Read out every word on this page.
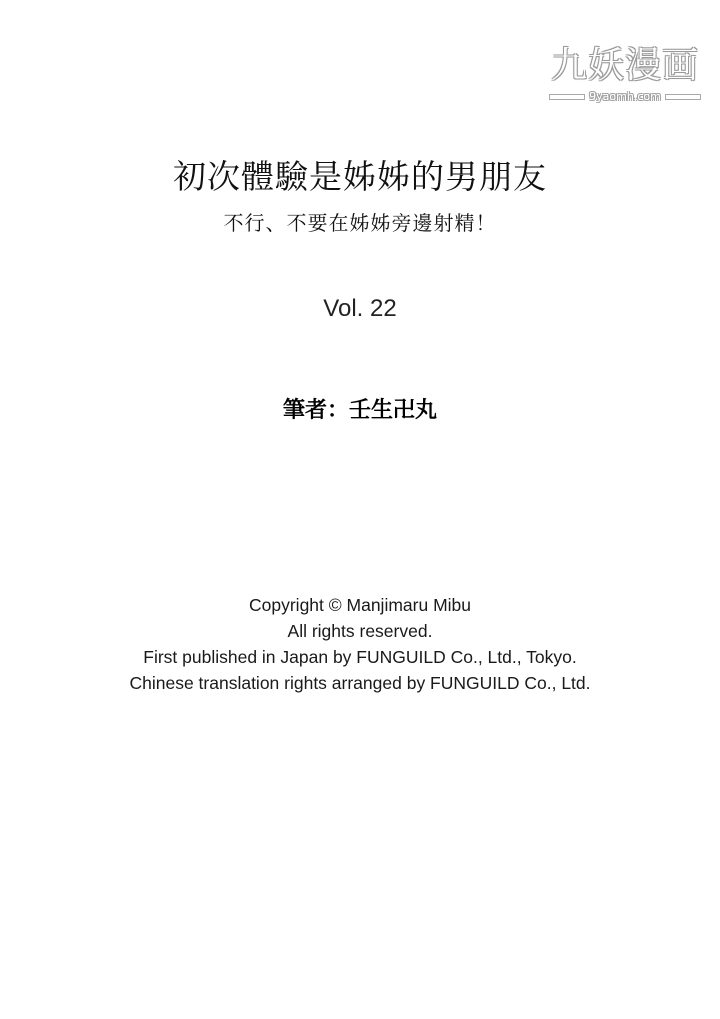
九妖漫画
9yaomh.com
初次體驗是姊姊的男朋友
不行、不要在姊姊旁邊射精！
Vol. 22
筆者：壬生卍丸
Copyright © Manjimaru Mibu
All rights reserved.
First published in Japan by FUNGUILD Co., Ltd., Tokyo.
Chinese translation rights arranged by FUNGUILD Co., Ltd.
